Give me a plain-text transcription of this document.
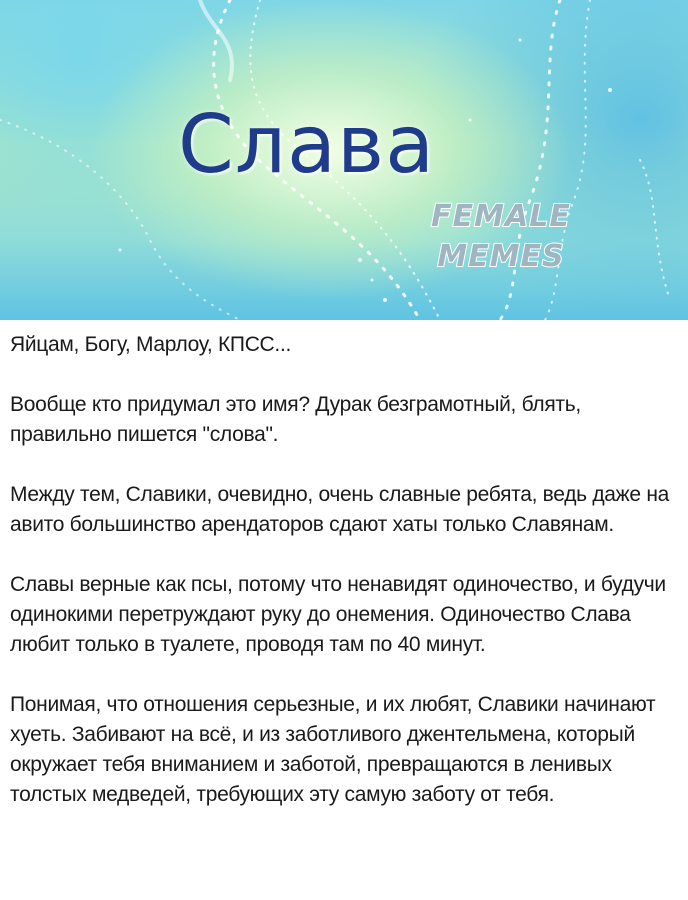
Слава
FEMALE
MEMES

Яйцам, Богу, Марлоу, КПСС...

Вообще кто придумал это имя? Дурак безграмотный, блять, правильно пишется "слова".

Между тем, Славики, очевидно, очень славные ребята, ведь даже на авито большинство арендаторов сдают хаты только Славянам.

Славы верные как псы, потому что ненавидят одиночество, и будучи одинокими перетруждают руку до онемения. Одиночество Слава любит только в туалете, проводя там по 40 минут.

Понимая, что отношения серьезные, и их любят, Славики начинают хуеть. Забивают на всё, и из заботливого джентельмена, который окружает тебя вниманием и заботой, превращаются в ленивых толстых медведей, требующих эту самую заботу от тебя.
